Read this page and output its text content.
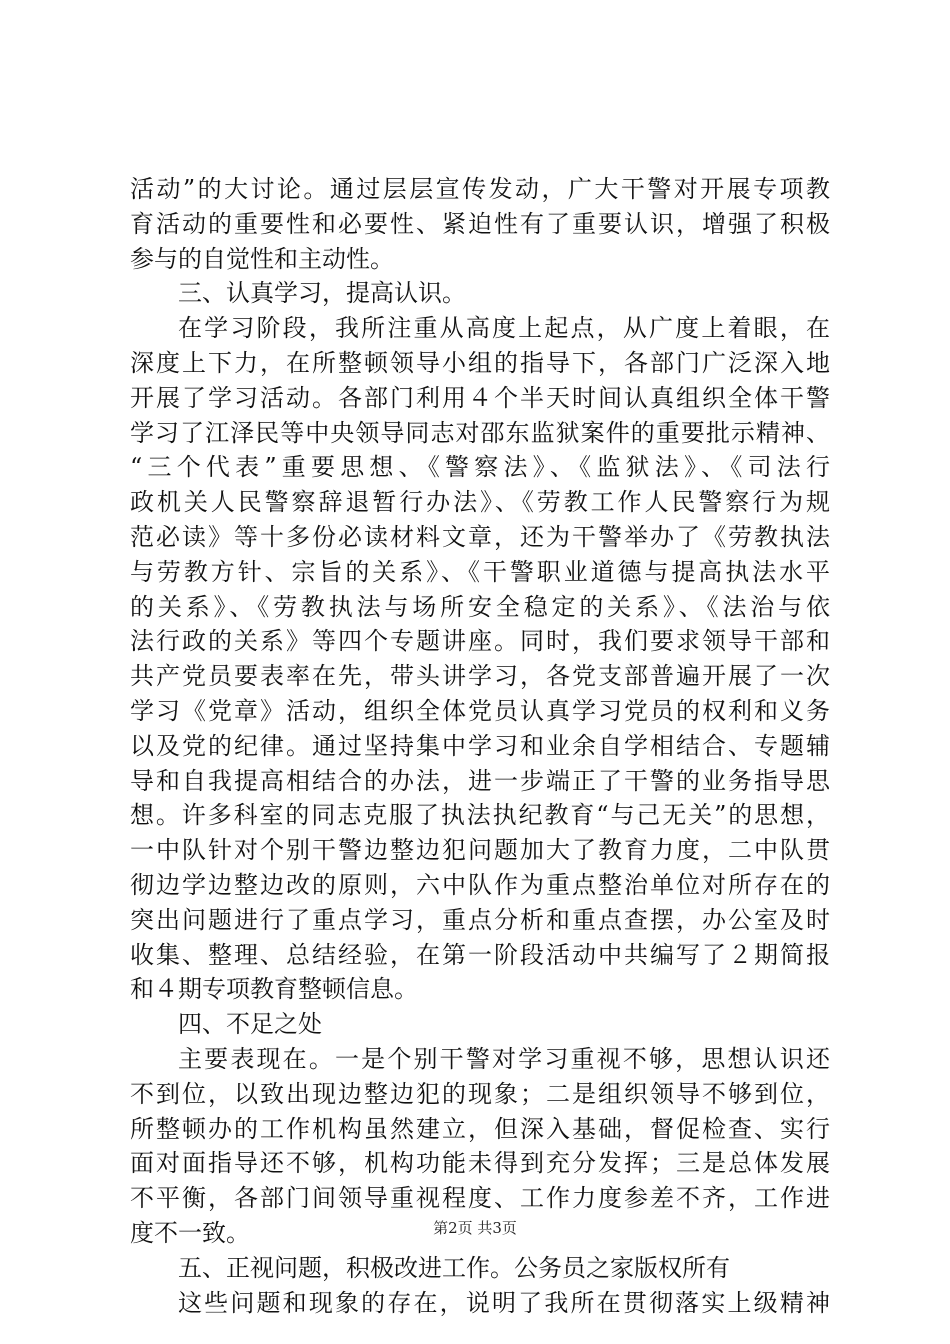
活动”的大讨论。通过层层宣传发动，广大干警对开展专项教
育活动的重要性和必要性、紧迫性有了重要认识，增强了积极
参与的自觉性和主动性。
三、认真学习，提高认识。
在学习阶段，我所注重从高度上起点，从广度上着眼，在
深度上下力，在所整顿领导小组的指导下，各部门广泛深入地
开展了学习活动。各部门利用４个半天时间认真组织全体干警
学习了江泽民等中央领导同志对邵东监狱案件的重要批示精神、
“三个代表”重要思想、《警察法》、《监狱法》、《司法行
政机关人民警察辞退暂行办法》、《劳教工作人民警察行为规
范必读》等十多份必读材料文章，还为干警举办了《劳教执法
与劳教方针、宗旨的关系》、《干警职业道德与提高执法水平
的关系》、《劳教执法与场所安全稳定的关系》、《法治与依
法行政的关系》等四个专题讲座。同时，我们要求领导干部和
共产党员要表率在先，带头讲学习，各党支部普遍开展了一次
学习《党章》活动，组织全体党员认真学习党员的权利和义务
以及党的纪律。通过坚持集中学习和业余自学相结合、专题辅
导和自我提高相结合的办法，进一步端正了干警的业务指导思
想。许多科室的同志克服了执法执纪教育“与己无关”的思想，
一中队针对个别干警边整边犯问题加大了教育力度，二中队贯
彻边学边整边改的原则，六中队作为重点整治单位对所存在的
突出问题进行了重点学习，重点分析和重点查摆，办公室及时
收集、整理、总结经验，在第一阶段活动中共编写了２期简报
和４期专项教育整顿信息。
四、不足之处
主要表现在。一是个别干警对学习重视不够，思想认识还
不到位，以致出现边整边犯的现象；二是组织领导不够到位，
所整顿办的工作机构虽然建立，但深入基础，督促检查、实行
面对面指导还不够，机构功能未得到充分发挥；三是总体发展
不平衡，各部门间领导重视程度、工作力度参差不齐，工作进
度不一致。
五、正视问题，积极改进工作。公务员之家版权所有
这些问题和现象的存在，说明了我所在贯彻落实上级精神
第2页 共3页
